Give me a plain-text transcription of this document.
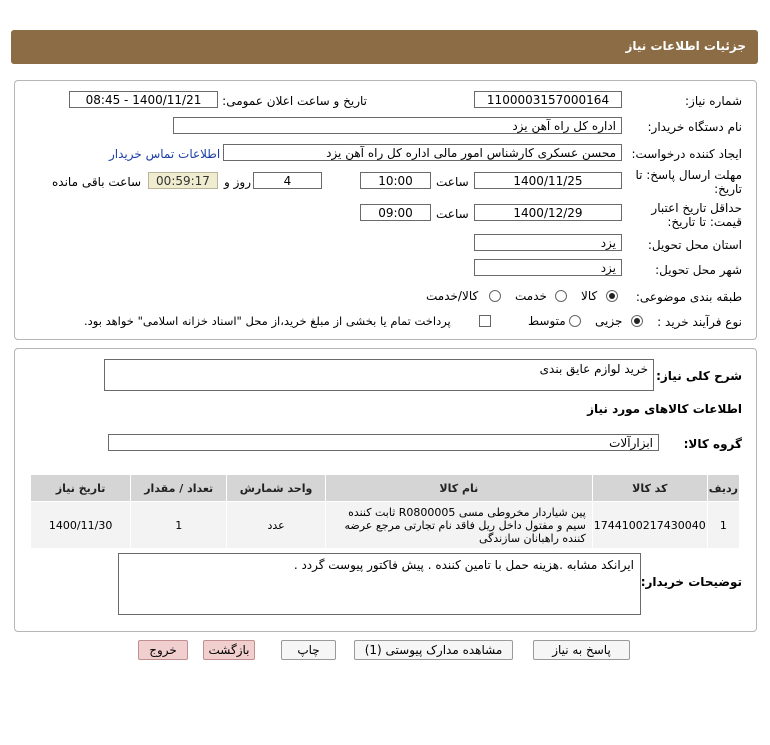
جزئیات اطلاعات نیاز
شماره نیاز:
1100003157000164
تاریخ و ساعت اعلان عمومی:
1400/11/21 - 08:45
نام دستگاه خریدار:
اداره کل راه آهن یزد
ایجاد کننده درخواست:
محسن عسکری کارشناس امور مالی اداره کل راه آهن یزد
اطلاعات تماس خریدار
مهلت ارسال پاسخ: تا
تاریخ:
1400/11/25
ساعت
10:00
4
روز و
00:59:17
ساعت باقی مانده
حداقل تاریخ اعتبار
قیمت: تا تاریخ:
1400/12/29
ساعت
09:00
استان محل تحویل:
یزد
شهر محل تحویل:
یزد
طبقه بندی موضوعی:
کالا
خدمت
کالا/خدمت
نوع فرآیند خرید :
جزیی
متوسط
پرداخت تمام یا بخشی از مبلغ خرید،از محل "اسناد خزانه اسلامی" خواهد بود.
شرح کلی نیاز:
خرید لوازم عایق بندی
اطلاعات کالاهای مورد نیاز
گروه کالا:
ابزارآلات
ردیف	کد کالا	نام کالا	واحد شمارش	تعداد / مقدار	تاریخ نیاز
1	1744100217430040	پین شیاردار مخروطی مسی R0800005 ثابت کننده سیم و مفتول داخل ریل فاقد نام تجارتی مرجع عرضه کننده راهبانان سازندگی	عدد	1	1400/11/30
توضیحات خریدار:
ایرانکد مشابه .هزینه حمل با تامین کننده . پیش فاکتور پیوست گردد .
پاسخ به نیاز
مشاهده مدارک پیوستی (1)
چاپ
بازگشت
خروج
